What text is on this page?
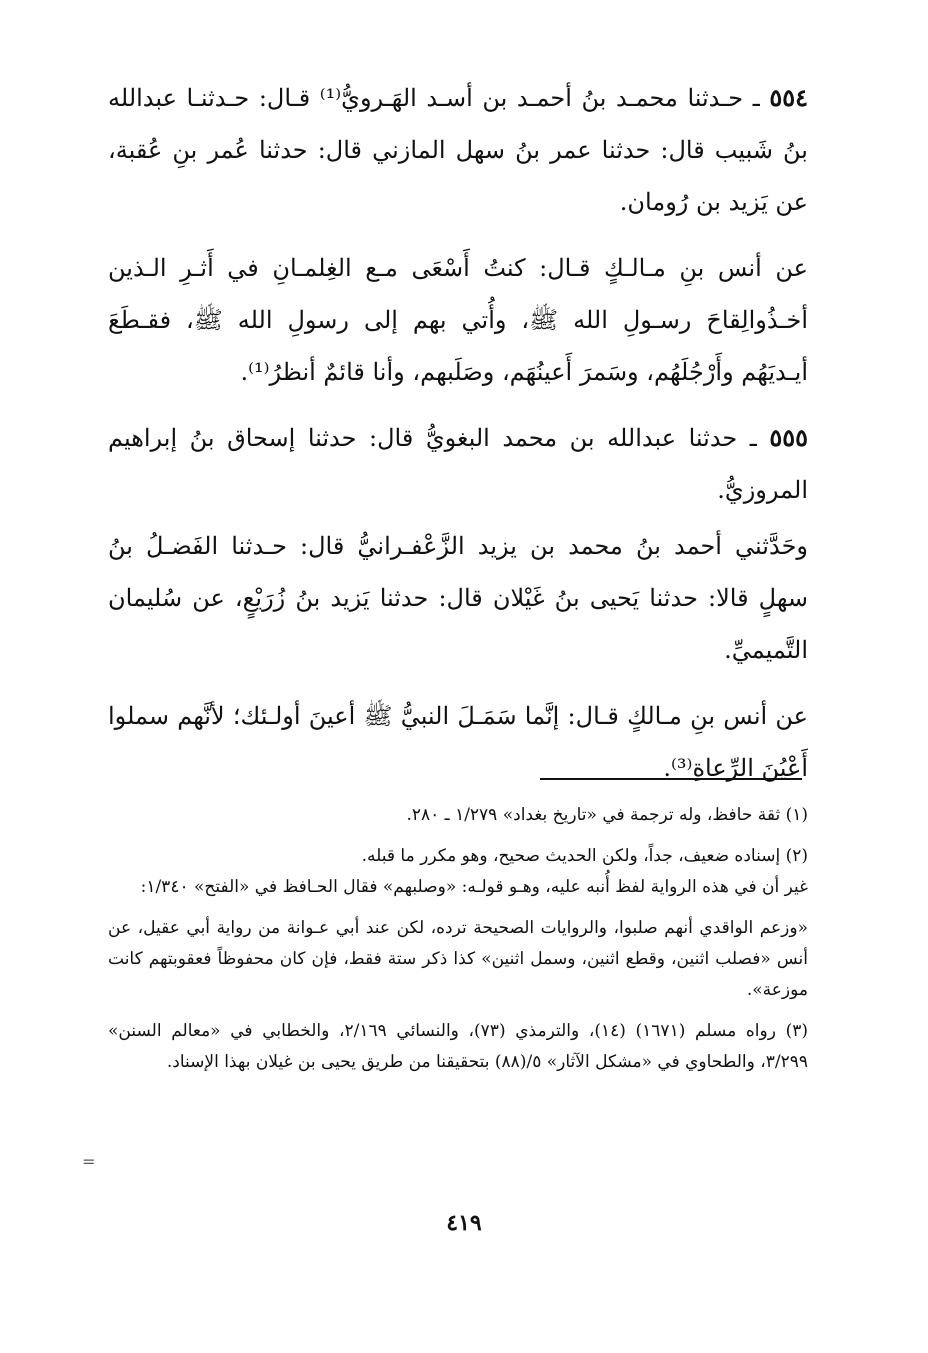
٥٥٤ ـ حـدثنا محمـد بنُ أحمـد بن أسـد الهَـرويُّ⁽¹⁾ قـال: حـدثنـا عبدالله بنُ شَبيب قال: حدثنا عمر بنُ سهل المازني قال: حدثنا عُمر بنِ عُقبة، عن يَزيد بن رُومان.

عن أنس بنِ مـالـكٍ قـال: كنتُ أَسْعَى مـع الغِلمـانِ في أَثـرِ الـذين أخـذُوالِقاحَ رسـولِ الله ﷺ، وأُتي بهم إلى رسولِ الله ﷺ، فقـطَعَ أيـديَهُم وأَرْجُلَهُم، وسَمرَ أَعينُهَم، وصَلَبهم، وأنا قائمٌ أنظرُ⁽¹⁾.

٥٥٥ ـ حدثنا عبدالله بن محمد البغويُّ قال: حدثنا إسحاق بنُ إبراهيم المروزيُّ.

وحَدَّثني أحمد بنُ محمد بن يزيد الزَّعْفـرانيُّ قال: حـدثنا الفَضـلُ بنُ سهلٍ قالا: حدثنا يَحيى بنُ غَيْلان قال: حدثنا يَزيد بنُ زُرَيْعٍ، عن سُليمان التَّميميِّ.

عن أنس بنِ مـالكٍ قـال: إنَّما سَمَـلَ النبيُّ ﷺ أعينَ أولـئك؛ لأنَّهم سملوا أَعْيُنَ الرِّعاةِ⁽³⁾.

(١) ثقة حافظ، وله ترجمة في «تاريخ بغداد» ١/٢٧٩ ـ ٢٨٠.

(٢) إسناده ضعيف، جداً، ولكن الحديث صحيح، وهو مكرر ما قبله.

غير أن في هذه الرواية لفظ أُنبه عليه، وهـو قولـه: «وصلبهم» فقال الحـافظ في «الفتح» ١/٣٤٠:

«وزعم الواقدي أنهم صلبوا، والروايات الصحيحة ترده، لكن عند أبي عـوانة من رواية أبي عقيل، عن أنس «فصلب اثنين، وقطع اثنين، وسمل اثنين» كذا ذكر ستة فقط، فإن كان محفوظاً فعقوبتهم كانت موزعة».

(٣) رواه مسلم (١٦٧١) (١٤)، والترمذي (٧٣)، والنسائي ٢/١٦٩، والخطابي في «معالم السنن» ٣/٢٩٩، والطحاوي في «مشكل الآثار» ٥/(٨٨) بتحقيقنا من طريق يحيى بن غيلان بهذا الإسناد.

=
٤١٩
